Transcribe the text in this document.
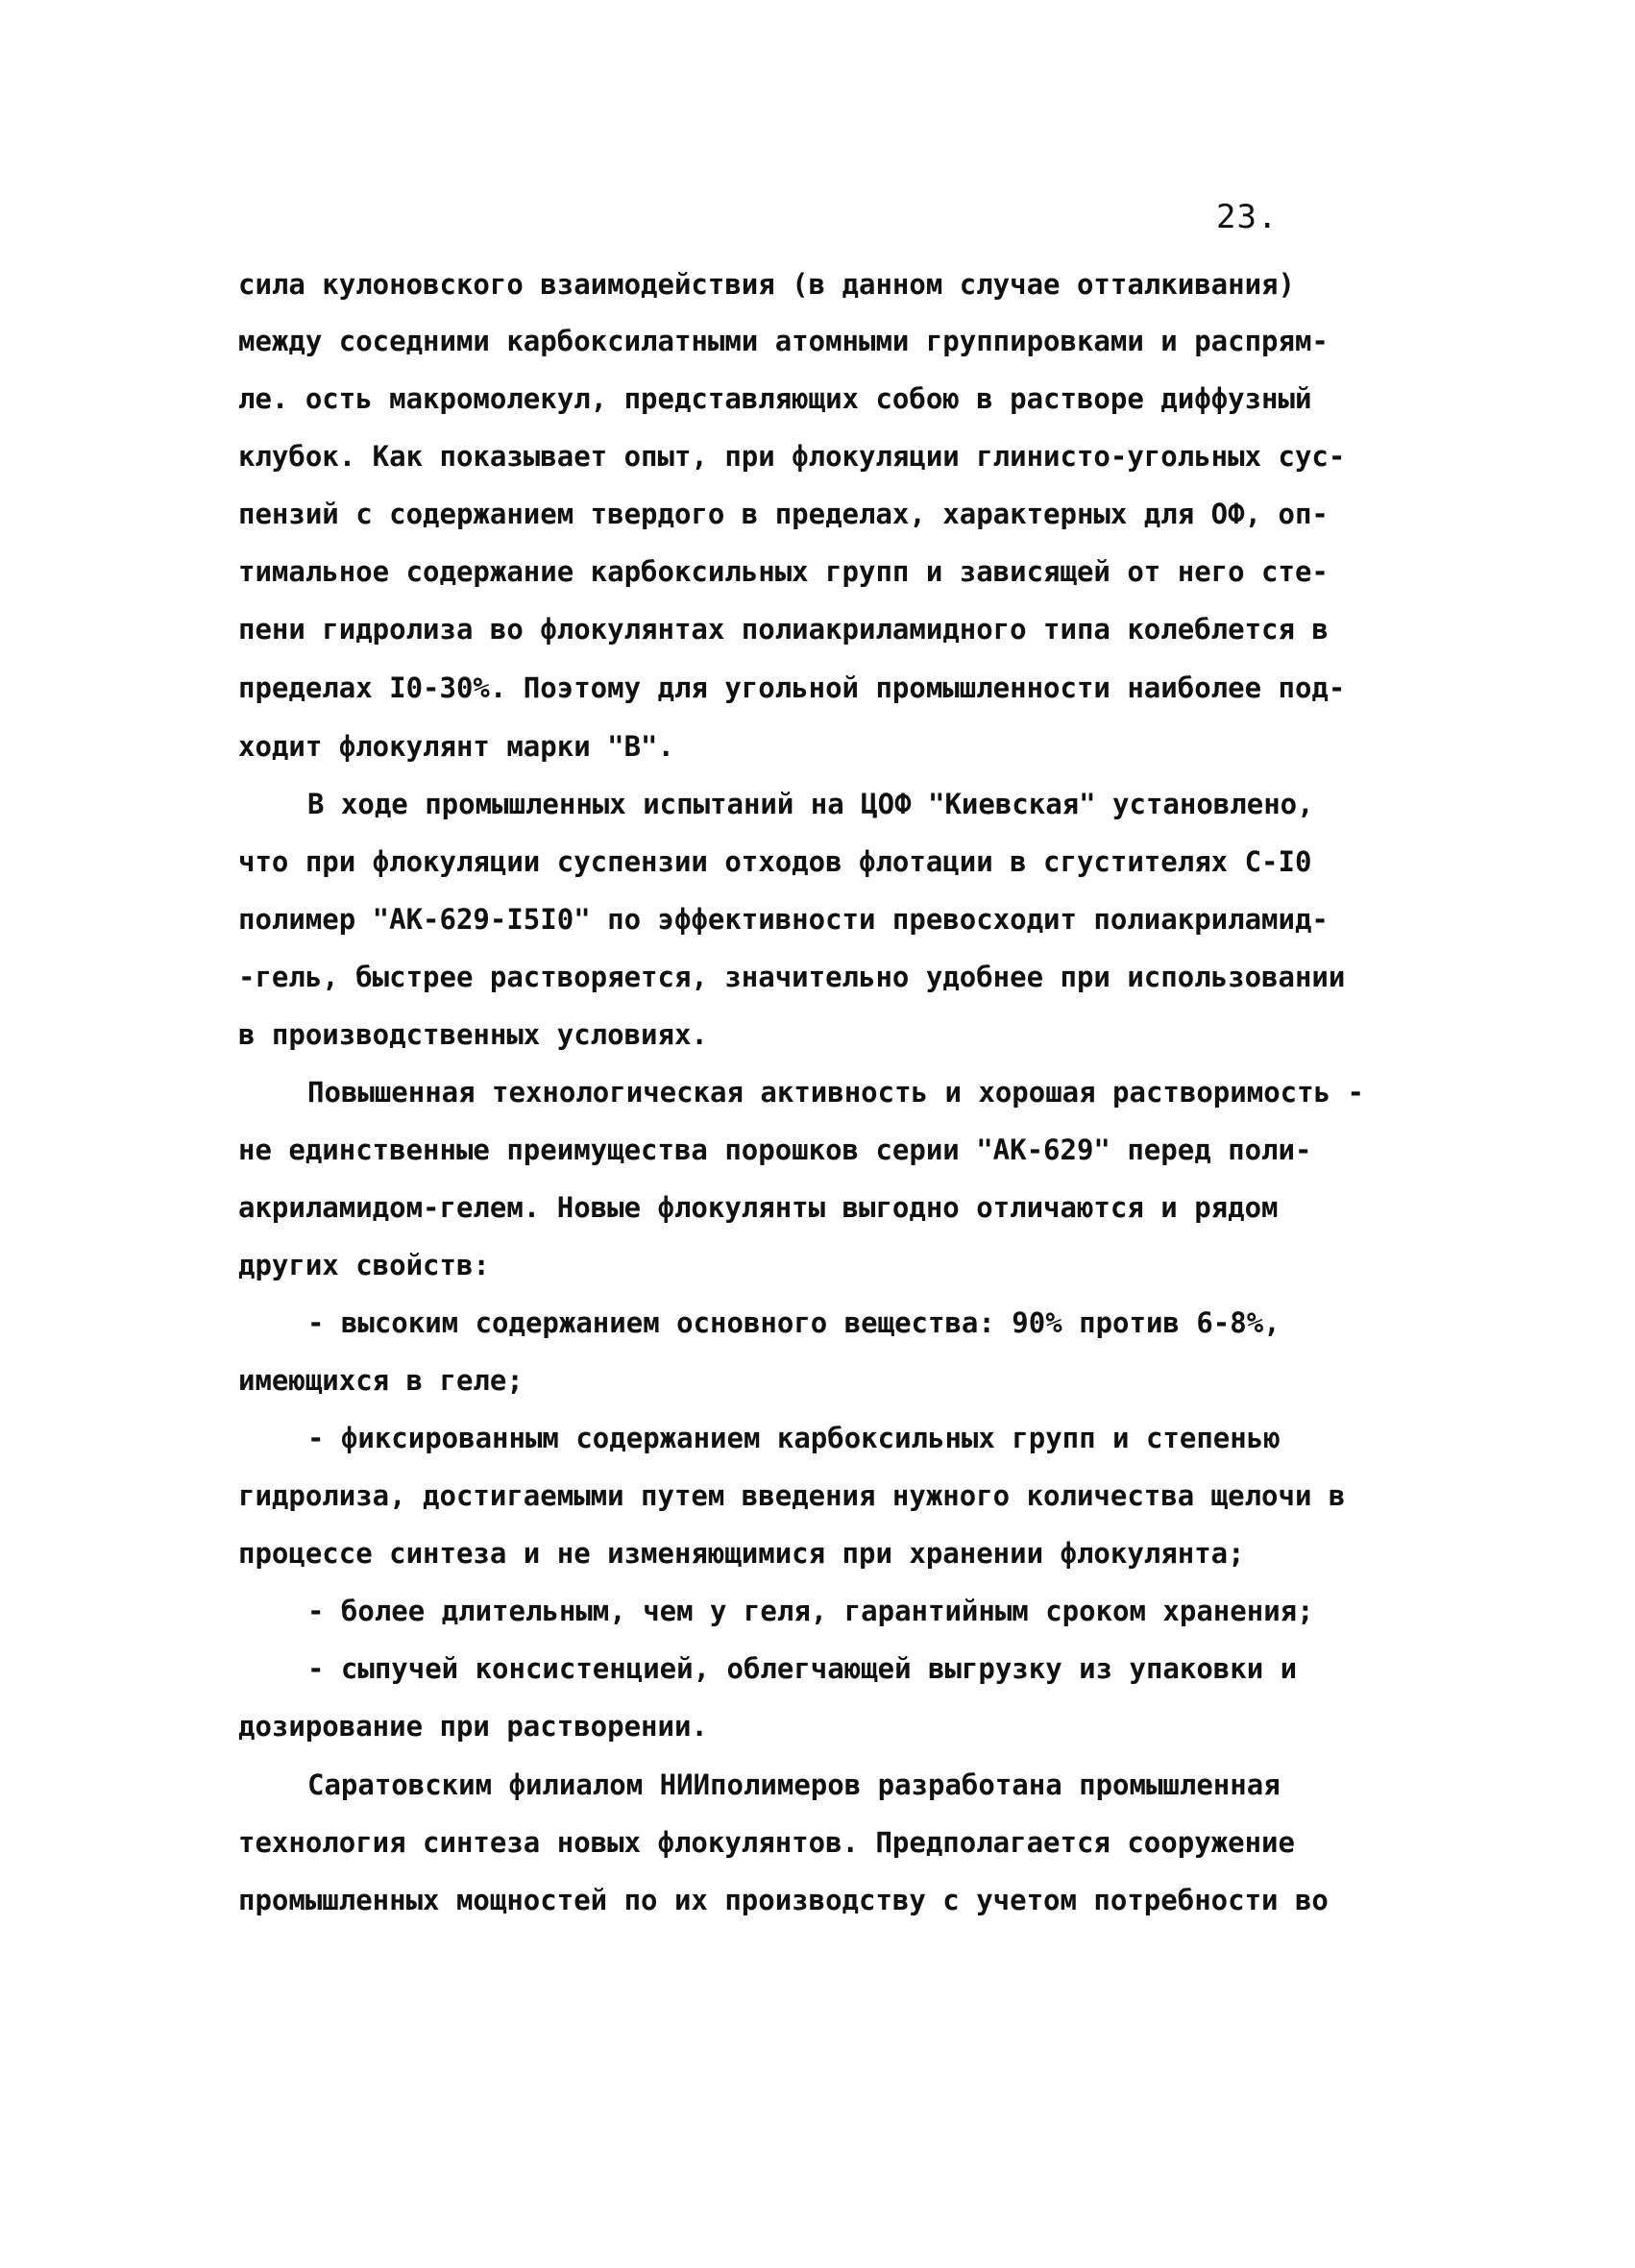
23.
сила кулоновского взаимодействия (в данном случае отталкивания)
между соседними карбоксилатными атомными группировками и распрям-
ле. ость макромолекул, представляющих собою в растворе диффузный
клубок. Как показывает опыт, при флокуляции глинисто-угольных сус-
пензий с содержанием твердого в пределах, характерных для ОФ, оп-
тимальное содержание карбоксильных групп и зависящей от него сте-
пени гидролиза во флокулянтах полиакриламидного типа колеблется в
пределах I0-30%. Поэтому для угольной промышленности наиболее под-
ходит флокулянт марки "В".
В ходе промышленных испытаний на ЦОФ "Киевская" установлено,
что при флокуляции суспензии отходов флотации в сгустителях С-I0
полимер "АК-629-I5I0" по эффективности превосходит полиакриламид-
-гель, быстрее растворяется, значительно удобнее при использовании
в производственных условиях.
Повышенная технологическая активность и хорошая растворимость -
не единственные преимущества порошков серии "АК-629" перед поли-
акриламидом-гелем. Новые флокулянты выгодно отличаются и рядом
других свойств:
- высоким содержанием основного вещества: 90% против 6-8%,
имеющихся в геле;
- фиксированным содержанием карбоксильных групп и степенью
гидролиза, достигаемыми путем введения нужного количества щелочи в
процессе синтеза и не изменяющимися при хранении флокулянта;
- более длительным, чем у геля, гарантийным сроком хранения;
- сыпучей консистенцией, облегчающей выгрузку из упаковки и
дозирование при растворении.
Саратовским филиалом НИИполимеров разработана промышленная
технология синтеза новых флокулянтов. Предполагается сооружение
промышленных мощностей по их производству с учетом потребности во
